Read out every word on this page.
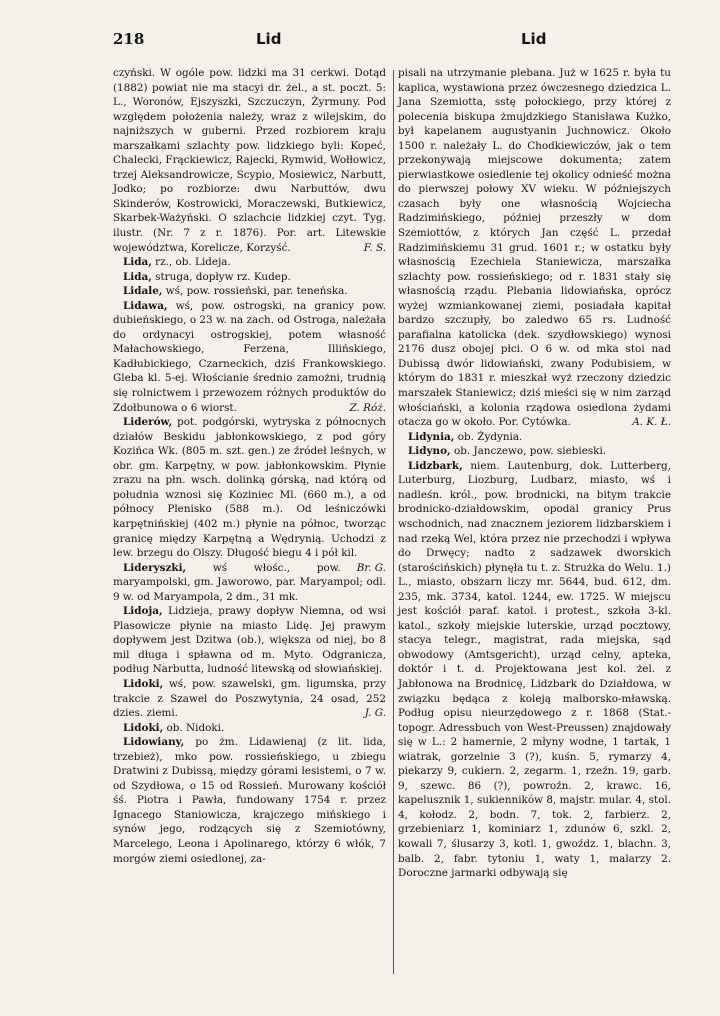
218	Lid	Lid

czyński. W ogóle pow. lidzki ma 31 cerkwi. Dotąd (1882) powiat nie ma stacyi dr. żel., a st. poczt. 5: L., Woronów, Ejszyszki, Szczuczyn, Żyrmuny. Pod względem położenia należy, wraz z wilejskim, do najniższych w guberni. Przed rozbiorem kraju marszałkami szlachty pow. lidzkiego byli: Kopeć, Chalecki, Frąckiewicz, Rajecki, Rymwid, Wołłowicz, trzej Aleksandrowicze, Scypio, Mosiewicz, Narbutt, Jodko; po rozbiorze: dwu Narbuttów, dwu Skinderów, Kostrowicki, Moraczewski, Butkiewicz, Skarbek-Ważyński. O szlachcie lidzkiej czyt. Tyg. ilustr. (Nr. 7 z r. 1876). Por. art. Litewskie województwa, Koreliczе, Korzyść.	F. S.

Lida, rz., ob. Lideja.

Lida, struga, dopływ rz. Kudep.

Lidale, wś, pow. rossieński, par. tenеńska.

Lidawa, wś, pow. ostrogski, na granicy pow. dubieńskiego, o 23 w. na zach. od Ostroga, należała do ordynacyi ostrogskiej, potem własność Małachowskiego, Ferzena, Illińskiego, Kadłubickiego, Czarneckich, dziś Frankowskiego. Gleba kl. 5-ej. Włościanie średnio zamożni, trudnią się rolnictwem i przewozem różnych produktów do Zdołbunowa o 6 wiorst.	Z. Róż.

Liderów, pot. podgórski, wytryska z północnych działów Beskidu jabłonkowskiego, z pod góry Kozińca Wk. (805 m. szt. gen.) ze źródeł leśnych, w obr. gm. Karpętny, w pow. jabłonkowskim. Płynie zrazu na płn. wsch. dolinką górską, nad którą od południa wznosi się Koziniec Ml. (660 m.), a od północy Plenisko (588 m.). Od leśniczówki karpętnińskiej (402 m.) płynie na północ, tworząc granicę między Karpętną a Wędrynią. Uchodzi z lew. brzegu do Olszy. Długość biegu 4 i pół kil.
Br. G.

Lideryszki, wś włośc., pow. maryampolski, gm. Jaworowo, par. Maryampol; odl. 9 w. od Maryampola, 2 dm., 31 mk.

Lidoja, Lidzieja, prawy dopływ Niemna, od wsi Plasowicze płynie na miasto Lidę. Jej prawym dopływem jest Dzitwa (ob.), większa od niej, bo 8 mil długa i spławna od m. Myto. Odgranicza, podług Narbutta, ludność litewską od słowiańskiej.

Lidoki, wś, pow. szawelski, gm. ligumska, przy trakcie z Szawel do Poszwytynia, 24 osad, 252 dzies. ziemi.	J. G.

Lidoki, ob. Nidoki.

Lidowiany, po żm. Lidawienaj (z lit. lida, trzebież), mko pow. rossieńskiego, u zbiegu Dratwini z Dubissą, między górami lesistemi, o 7 w. od Szydłowa, o 15 od Rossień. Murowany kościół śś. Piotra i Pawła, fundowany 1754 r. przez Ignacego Staniowicza, krajczego mińskiego i synów jego, rodzących się z Szemiotówny, Marcelego, Leona i Apolinarego, którzy 6 włók, 7 morgów ziemi osiedlonej, za-

pisali na utrzymanie plebana. Już w 1625 r. była tu kaplica, wystawiona przez ówczesnego dziedzica L. Jana Szemiotta, sstę połockiego, przy której z polecenia biskupa żmujdzkiego Stanisława Kużko, był kapelanem augustyanin Juchnowicz. Około 1500 r. należały L. do Chodkiewiczów, jak o tem przekonywają miejscowe dokumenta; zatem pierwiastkowe osiedlenie tej okolicy odnieść można do pierwszej połowy XV wieku. W późniejszych czasach były one własnością Wojciecha Radzimińskiego, później przeszły w dom Szemiottów, z których Jan część L. przedał Radzimińskiemu 31 grud. 1601 r.; w ostatku były własnością Ezechiela Staniewicza, marszałka szlachty pow. rossieńskiego; od r. 1831 stały się własnością rządu. Plebania lidowiańska, oprócz wyżej wzmiankowanej ziemi, posiadała kapitał bardzo szczupły, bo zaledwo 65 rs. Ludność parafialna katolicka (dek. szydłowskiego) wynosi 2176 dusz obojej płci. O 6 w. od mka stoi nad Dubissą dwór lidowiański, zwany Podubisiem, w którym do 1831 r. mieszkał wyż rzeczony dziedzic marszałek Staniewicz; dziś mieści się w nim zarząd włościański, a kolonia rządowa osiedlona żydami otacza go w około. Por. Cytówka.	A. K. Ł.

Lidynia, ob. Żydynia.

Lidyno, ob. Janczewo, pow. siebieski.

Lidzbark, niem. Lautenburg, dok. Lutterberg, Luterburg, Liozburg, Ludbarz, miasto, wś i nadleśn. król., pow. brodnicki, na bitym trakcie brodnicko-działdowskim, opodal granicy Prus wschodnich, nad znacznem jeziorem lidzbarskiem i nad rzeką Wel, która przez nie przechodzi i wpływa do Drwęcy; nadto z sadzawek dworskich (starościńskich) płynęła tu t. z. Strużka do Welu. 1.) L., miasto, obszarn liczy mr. 5644, bud. 612, dm. 235, mk. 3734, katol. 1244, ew. 1725. W miejscu jest kościół paraf. katol. i protest., szkoła 3-kl. katol., szkoły miejskie luterskie, urząd pocztowy, stacya telegr., magistrat, rada miejska, sąd obwodowy (Amtsgericht), urząd celny, apteka, doktór i t. d. Projektowana jest kol. żel. z Jabłonowa na Brodnicę, Lidzbark do Działdowa, w związku będąca z koleją malborsko-mławską. Podług opisu nieurzędowego z r. 1868 (Stat.-topogr. Adressbuch von West-Preussen) znajdowały się w L.: 2 hamernie, 2 młyny wodne, 1 tartak, 1 wiatrak, gorzelnie 3 (?), kuśn. 5, rymarzy 4, piekarzy 9, cukiern. 2, zegarm. 1, rzeźn. 19, garb. 9, szewc. 86 (?), powroźn. 2, krawc. 16, kapelusznik 1, sukienników 8, majstr. mular. 4, stol. 4, kołodz. 2, bodn. 7, tok. 2, farbierz. 2, grzebieniarz 1, kominiarz 1, zdunów 6, szkl. 2, kowali 7, ślusarzy 3, kotl. 1, gwoźdz. 1, blachn. 3, balb. 2, fabr. tytoniu 1, waty 1, malarzy 2. Doroczne jarmarki odbywają się
